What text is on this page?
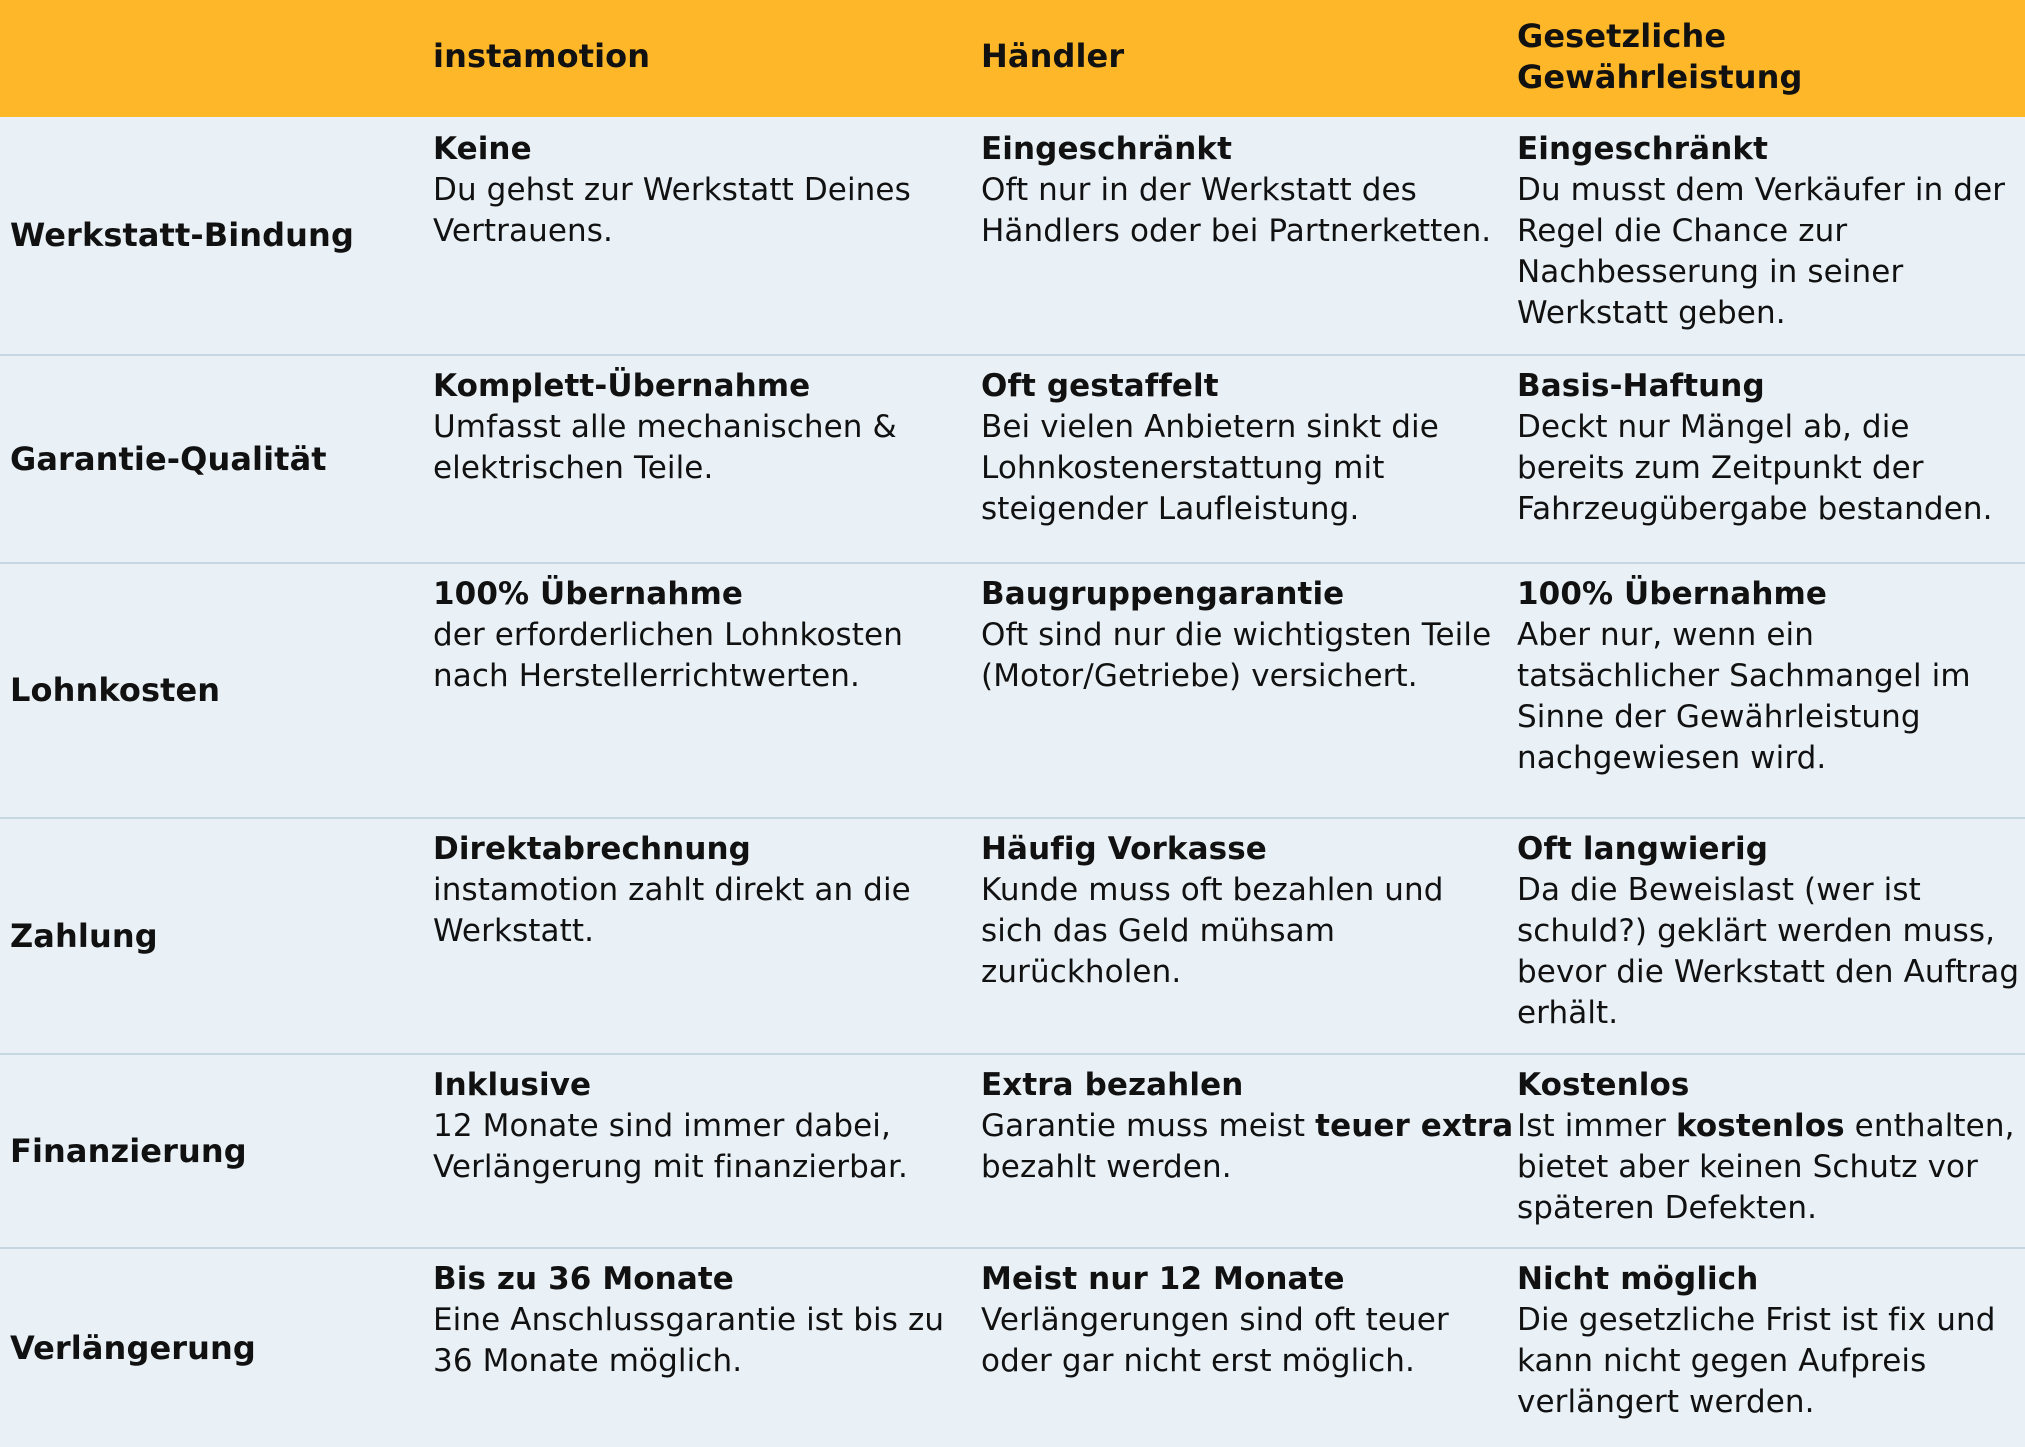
instamotion	Händler
Gesetzliche Gewährleistung
Werkstatt-Bindung
Keine
Du gehst zur Werkstatt Deines Vertrauens.
Eingeschränkt
Oft nur in der Werkstatt des Händlers oder bei Partnerketten.
Eingeschränkt
Du musst dem Verkäufer in der Regel die Chance zur Nachbesserung in seiner Werkstatt geben.
Garantie-Qualität
Komplett-Übernahme
Umfasst alle mechanischen & elektrischen Teile.
Oft gestaffelt
Bei vielen Anbietern sinkt die Lohnkostenerstattung mit steigender Laufleistung.
Basis-Haftung
Deckt nur Mängel ab, die bereits zum Zeitpunkt der Fahrzeugübergabe bestanden.
Lohnkosten
100% Übernahme
der erforderlichen Lohnkosten nach Herstellerrichtwerten.
Baugruppengarantie
Oft sind nur die wichtigsten Teile (Motor/Getriebe) versichert.
100% Übernahme
Aber nur, wenn ein tatsächlicher Sachmangel im Sinne der Gewährleistung nachgewiesen wird.
Zahlung
Direktabrechnung
instamotion zahlt direkt an die Werkstatt.
Häufig Vorkasse
Kunde muss oft bezahlen und sich das Geld mühsam zurückholen.
Oft langwierig
Da die Beweislast (wer ist schuld?) geklärt werden muss, bevor die Werkstatt den Auftrag erhält.
Finanzierung
Inklusive
12 Monate sind immer dabei, Verlängerung mit finanzierbar.
Extra bezahlen
Garantie muss meist teuer extra bezahlt werden.
Kostenlos
Ist immer kostenlos enthalten, bietet aber keinen Schutz vor späteren Defekten.
Verlängerung
Bis zu 36 Monate
Eine Anschlussgarantie ist bis zu 36 Monate möglich.
Meist nur 12 Monate
Verlängerungen sind oft teuer oder gar nicht erst möglich.
Nicht möglich
Die gesetzliche Frist ist fix und kann nicht gegen Aufpreis verlängert werden.
